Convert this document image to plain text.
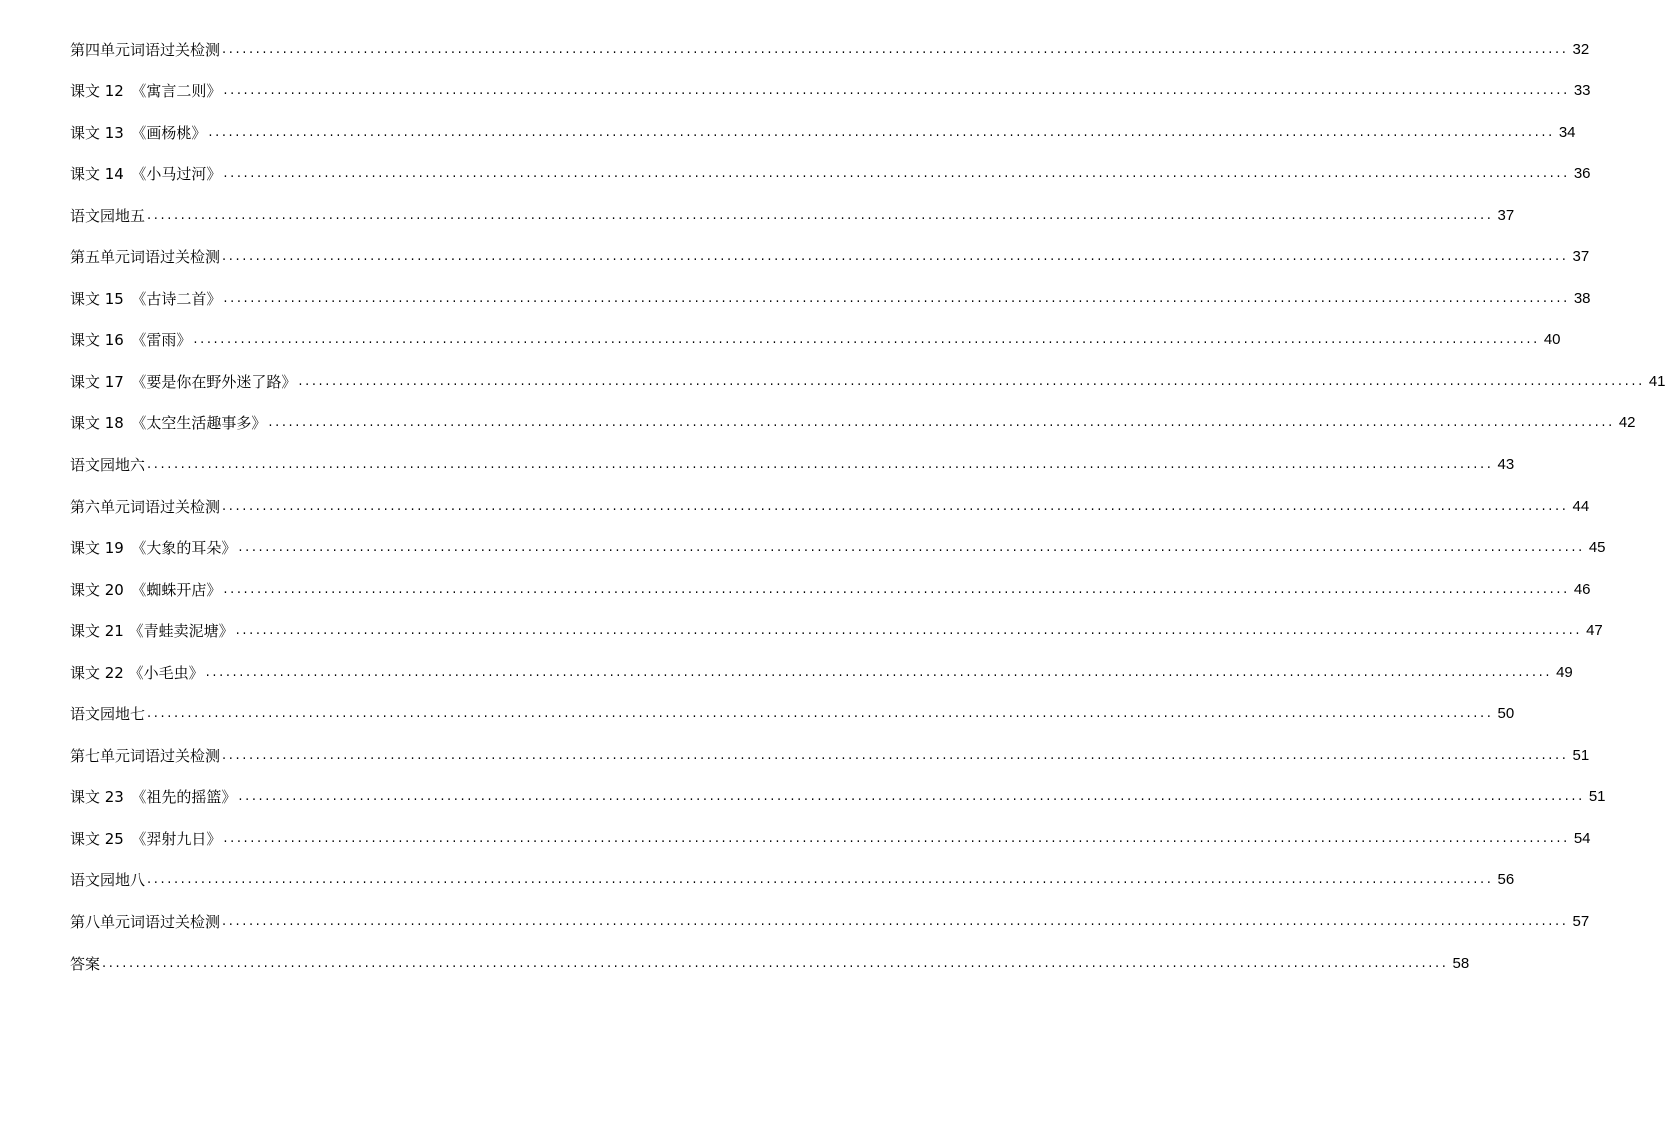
第四单元词语过关检测 ........................................................................................................................................................................................................ 32
课文 12　《寓言二则》 ........................................................................................................................................................................................................ 33
课文 13　《画杨桃》 ........................................................................................................................................................................................................ 34
课文 14　《小马过河》 ........................................................................................................................................................................................................ 36
语文园地五 ........................................................................................................................................................................................................ 37
第五单元词语过关检测 ........................................................................................................................................................................................................ 37
课文 15　《古诗二首》 ........................................................................................................................................................................................................ 38
课文 16　《雷雨》 ........................................................................................................................................................................................................ 40
课文 17　《要是你在野外迷了路》 ........................................................................................................................................................................................................ 41
课文 18　《太空生活趣事多》 ........................................................................................................................................................................................................ 42
语文园地六 ........................................................................................................................................................................................................ 43
第六单元词语过关检测 ........................................................................................................................................................................................................ 44
课文 19　《大象的耳朵》 ........................................................................................................................................................................................................ 45
课文 20　《蜘蛛开店》 ........................................................................................................................................................................................................ 46
课文 21 《青蛙卖泥塘》 ........................................................................................................................................................................................................ 47
课文 22 《小毛虫》 ........................................................................................................................................................................................................ 49
语文园地七 ........................................................................................................................................................................................................ 50
第七单元词语过关检测 ........................................................................................................................................................................................................ 51
课文 23　《祖先的摇篮》 ........................................................................................................................................................................................................ 51
课文 25　《羿射九日》 ........................................................................................................................................................................................................ 54
语文园地八 ........................................................................................................................................................................................................ 56
第八单元词语过关检测 ........................................................................................................................................................................................................ 57
答案 ........................................................................................................................................................................................................ 58
